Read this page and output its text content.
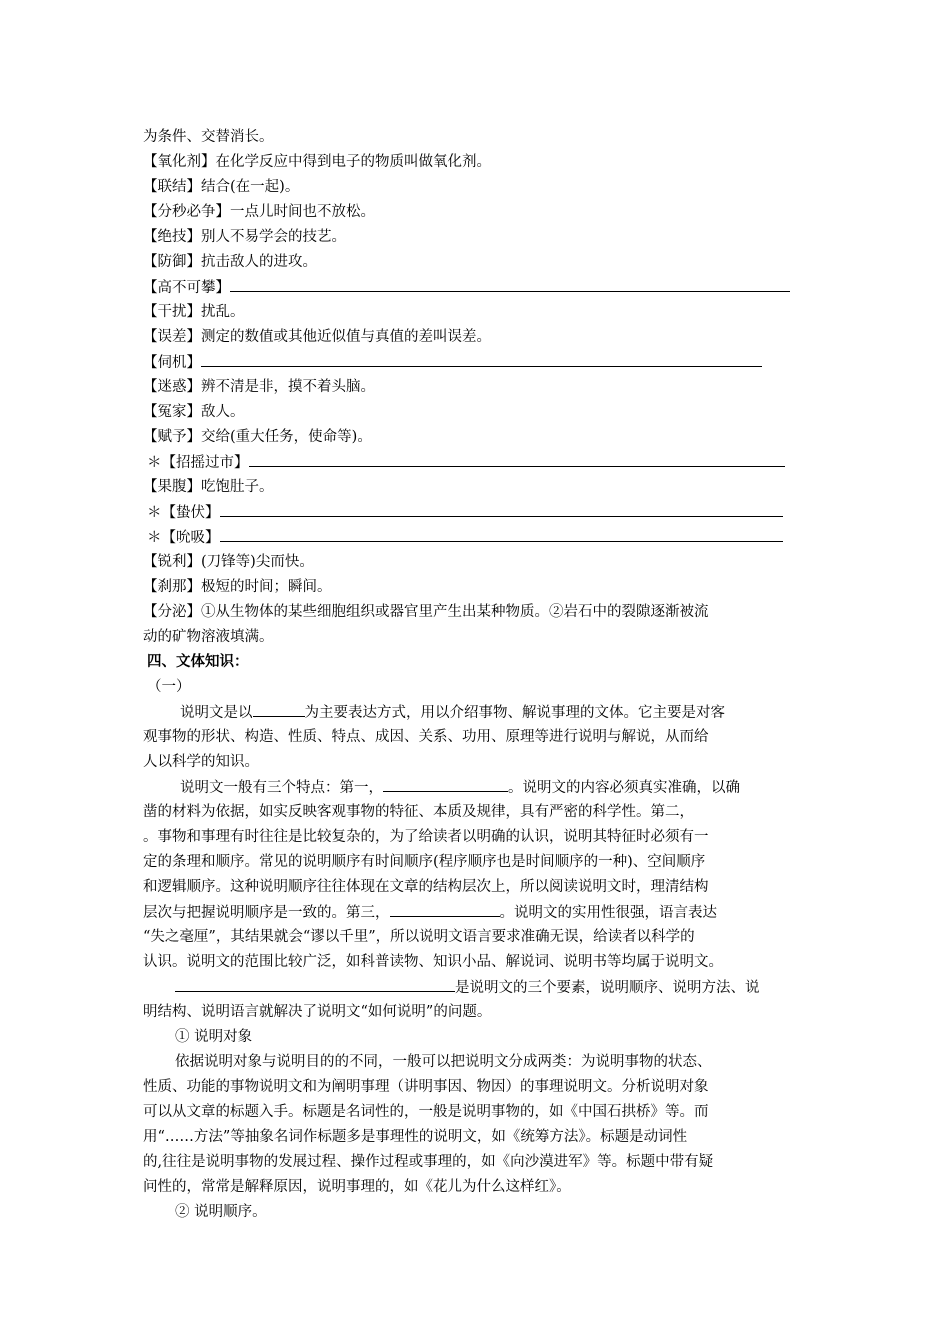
为条件、交替消长。

【氧化剂】在化学反应中得到电子的物质叫做氧化剂。

【联结】结合(在一起)。

【分秒必争】一点儿时间也不放松。

【绝技】别人不易学会的技艺。

【防御】抗击敌人的进攻。

【高不可攀】

【干扰】扰乱。

【误差】测定的数值或其他近似值与真值的差叫误差。

【伺机】

【迷惑】辨不清是非，摸不着头脑。

【冤家】敌人。

【赋予】交给(重大任务，使命等)。

＊【招摇过市】

【果腹】吃饱肚子。

＊【蛰伏】

＊【吮吸】

【锐利】(刀锋等)尖而快。

【刹那】极短的时间；瞬间。

【分泌】①从生物体的某些细胞组织或器官里产生出某种物质。②岩石中的裂隙逐渐被流

动的矿物溶液填满。

四、文体知识：

（一）

说明文是以	为主要表达方式，用以介绍事物、解说事理的文体。它主要是对客

观事物的形状、构造、性质、特点、成因、关系、功用、原理等进行说明与解说，从而给

人以科学的知识。

说明文一般有三个特点：第一，	。说明文的内容必须真实准确，以确

凿的材料为依据，如实反映客观事物的特征、本质及规律，具有严密的科学性。第二，

。事物和事理有时往往是比较复杂的，为了给读者以明确的认识，说明其特征时必须有一

定的条理和顺序。常见的说明顺序有时间顺序(程序顺序也是时间顺序的一种)、空间顺序

和逻辑顺序。这种说明顺序往往体现在文章的结构层次上，所以阅读说明文时，理清结构

层次与把握说明顺序是一致的。第三，	。说明文的实用性很强，语言表达

“失之毫厘”，其结果就会“谬以千里”，所以说明文语言要求准确无误，给读者以科学的

认识。说明文的范围比较广泛，如科普读物、知识小品、解说词、说明书等均属于说明文。

是说明文的三个要素，说明顺序、说明方法、说

明结构、说明语言就解决了说明文“如何说明”的问题。

① 说明对象

依据说明对象与说明目的的不同，一般可以把说明文分成两类：为说明事物的状态、

性质、功能的事物说明文和为阐明事理（讲明事因、物因）的事理说明文。分析说明对象

可以从文章的标题入手。标题是名词性的，一般是说明事物的，如《中国石拱桥》等。而

用“……方法”等抽象名词作标题多是事理性的说明文，如《统筹方法》。标题是动词性

的,往往是说明事物的发展过程、操作过程或事理的，如《向沙漠进军》等。标题中带有疑

问性的，常常是解释原因，说明事理的，如《花儿为什么这样红》。

② 说明顺序。
